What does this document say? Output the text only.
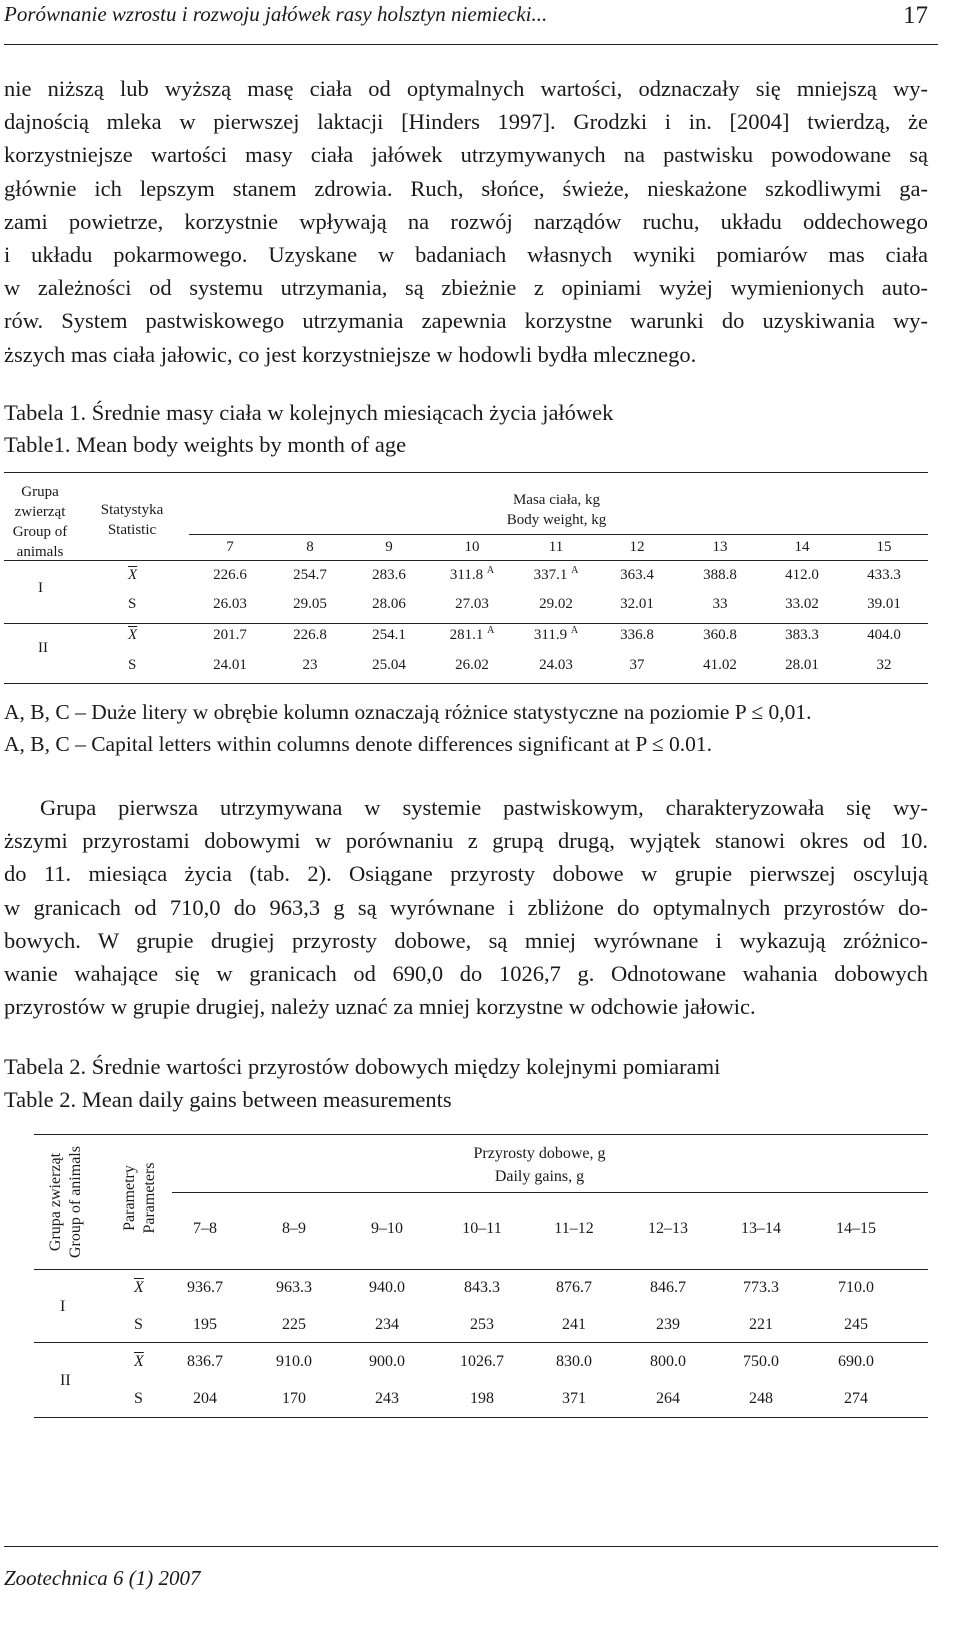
Porównanie wzrostu i rozwoju jałówek rasy holsztyn niemiecki...	17
nie niższą lub wyższą masę ciała od optymalnych wartości, odznaczały się mniejszą wy-
dajnością mleka w pierwszej laktacji [Hinders 1997]. Grodzki i in. [2004] twierdzą, że
korzystniejsze wartości masy ciała jałówek utrzymywanych na pastwisku powodowane są
głównie ich lepszym stanem zdrowia. Ruch, słońce, świeże, nieskażone szkodliwymi ga-
zami powietrze, korzystnie wpływają na rozwój narządów ruchu, układu oddechowego
i układu pokarmowego. Uzyskane w badaniach własnych wyniki pomiarów mas ciała
w zależności od systemu utrzymania, są zbieżnie z opiniami wyżej wymienionych auto-
rów. System pastwiskowego utrzymania zapewnia korzystne warunki do uzyskiwania wy-
ższych mas ciała jałowic, co jest korzystniejsze w hodowli bydła mlecznego.
Tabela 1. Średnie masy ciała w kolejnych miesiącach życia jałówek
Table1. Mean body weights by month of age
Grupa
zwierząt
Group of
animals
Statystyka
Statistic
Masa ciała, kg
Body weight, kg
7	8	9	10	11	12	13	14	15
I
$\overline{X}$	226.6	254.7	283.6	311.8 $^A$	337.1 $^A$	363.4	388.8	412.0	433.3
S	26.03	29.05	28.06	27.03	29.02	32.01	33	33.02	39.01
II
$\overline{X}$	201.7	226.8	254.1	281.1 $^A$	311.9 $^A$	336.8	360.8	383.3	404.0
S	24.01	23	25.04	26.02	24.03	37	41.02	28.01	32
A, B, C – Duże litery w obrębie kolumn oznaczają różnice statystyczne na poziomie P ≤ 0,01.
A, B, C – Capital letters within columns denote differences significant at P ≤ 0.01.
Grupa pierwsza utrzymywana w systemie pastwiskowym, charakteryzowała się wy-
ższymi przyrostami dobowymi w porównaniu z grupą drugą, wyjątek stanowi okres od 10.
do 11. miesiąca życia (tab. 2). Osiągane przyrosty dobowe w grupie pierwszej oscylują
w granicach od 710,0 do 963,3 g są wyrównane i zbliżone do optymalnych przyrostów do-
bowych. W grupie drugiej przyrosty dobowe, są mniej wyrównane i wykazują zróżnico-
wanie wahające się w granicach od 690,0 do 1026,7 g. Odnotowane wahania dobowych
przyrostów w grupie drugiej, należy uznać za mniej korzystne w odchowie jałowic.
Tabela 2. Średnie wartości przyrostów dobowych między kolejnymi pomiarami
Table 2. Mean daily gains between measurements
Grupa zwierząt Group of animals Parametry Parameters
Przyrosty dobowe, g
Daily gains, g
7–8	8–9	9–10	10–11	11–12	12–13	13–14	14–15
I
$\overline{X}$	936.7	963.3	940.0	843.3	876.7	846.7	773.3	710.0
S	195	225	234	253	241	239	221	245
II
$\overline{X}$	836.7	910.0	900.0	1026.7	830.0	800.0	750.0	690.0
S	204	170	243	198	371	264	248	274
Zootechnica 6 (1) 2007
